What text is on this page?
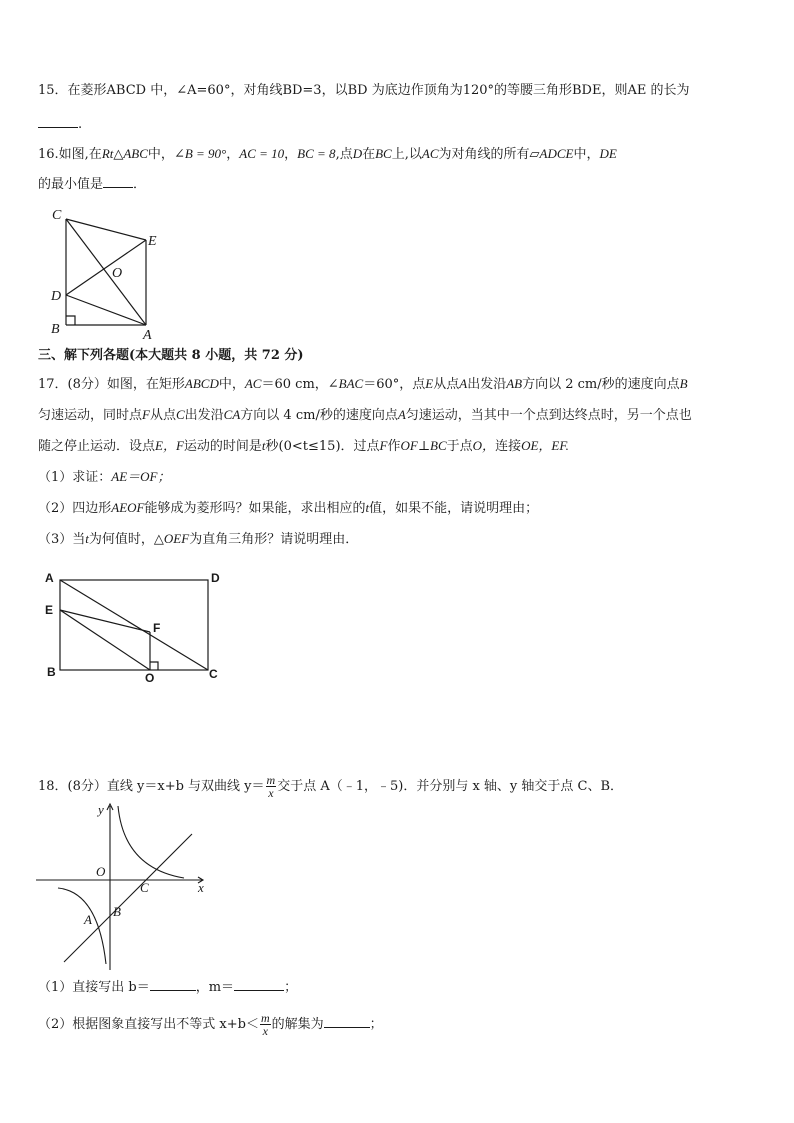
15．在菱形ABCD 中，∠A=60°，对角线BD=3，以BD 为底边作顶角为120°的等腰三角形BDE，则AE 的长为
.
16.如图,在Rt△ABC中，∠B = 90°，AC = 10，BC = 8,点D在BC上,以AC为对角线的所有▱ADCE中，DE
的最小值是 ．
C
E
O
D
B	A
三、解下列各题(本大题共 8 小题，共 72 分)
17．(8分）如图，在矩形ABCD中，AC＝60 cm，∠BAC＝60°，点E从点A出发沿AB方向以 2 cm/秒的速度向点B
匀速运动，同时点F从点C出发沿CA方向以 4 cm/秒的速度向点A匀速运动，当其中一个点到达终点时，另一个点也
随之停止运动．设点E，F运动的时间是t秒(0<t≤15)．过点F作OF⊥BC于点O，连接OE，EF.
（1）求证：AE＝OF；
（2）四边形AEOF能够成为菱形吗？如果能，求出相应的t值，如果不能，请说明理由；
（3）当t为何值时，△OEF为直角三角形？请说明理由．
A	D
E
F
B	O	C
18．(8分）直线 y＝x+b 与双曲线 $y= \frac{m}{x}$ 交于点 A（﹣1，﹣5)．并分别与 x 轴、y 轴交于点 C、B．
y
O
C	x
A
B
（1）直接写出 b＝	，m＝	；
（2）根据图象直接写出不等式 $x+b< \frac{m}{x}$ 的解集为	；
